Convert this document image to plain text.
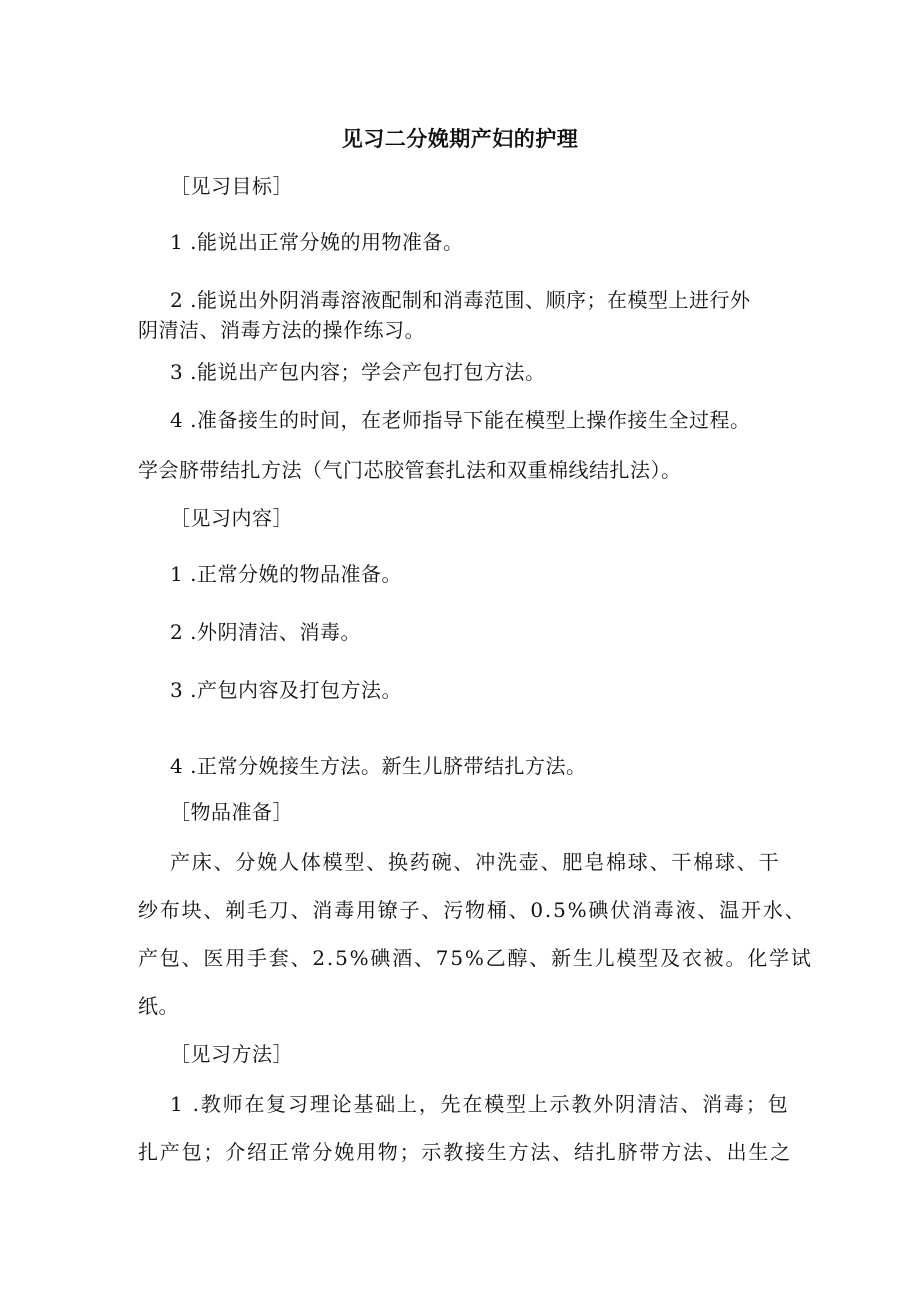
见习二分娩期产妇的护理
［见习目标］
1 .能说出正常分娩的用物准备。
2 .能说出外阴消毒溶液配制和消毒范围、顺序；在模型上进行外
阴清洁、消毒方法的操作练习。
3 .能说出产包内容；学会产包打包方法。
4 .准备接生的时间，在老师指导下能在模型上操作接生全过程。
学会脐带结扎方法（气门芯胶管套扎法和双重棉线结扎法）。
［见习内容］
1 .正常分娩的物品准备。
2 .外阴清洁、消毒。
3 .产包内容及打包方法。
4 .正常分娩接生方法。新生儿脐带结扎方法。
［物品准备］
产床、分娩人体模型、换药碗、冲洗壶、肥皂棉球、干棉球、干
纱布块、剃毛刀、消毒用镣子、污物桶、0.5%碘伏消毒液、温开水、
产包、医用手套、2.5%碘酒、75%乙醇、新生儿模型及衣被。化学试
纸。
［见习方法］
1 .教师在复习理论基础上，先在模型上示教外阴清洁、消毒；包
扎产包；介绍正常分娩用物；示教接生方法、结扎脐带方法、出生之
